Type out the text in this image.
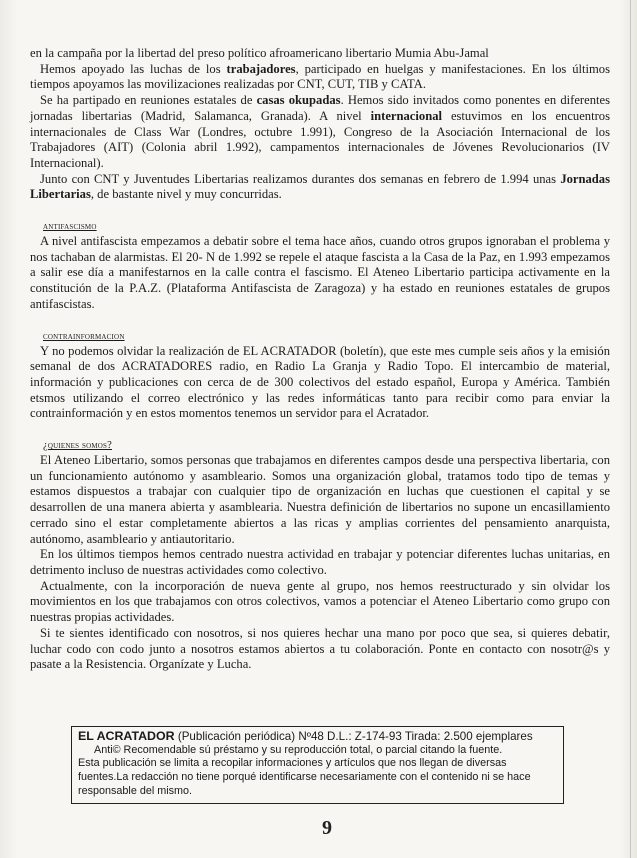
en la campaña por la libertad del preso político afroamericano libertario Mumia Abu-Jamal

Hemos apoyado las luchas de los trabajadores, participado en huelgas y manifestaciones. En los últimos tiempos apoyamos las movilizaciones realizadas por CNT, CUT, TIB y CATA.

Se ha partipado en reuniones estatales de casas okupadas. Hemos sido invitados como ponentes en diferentes jornadas libertarias (Madrid, Salamanca, Granada). A nivel internacional estuvimos en los encuentros internacionales de Class War (Londres, octubre 1.991), Congreso de la Asociación Internacional de los Trabajadores (AIT) (Colonia abril 1.992), campamentos internacionales de Jóvenes Revolucionarios (IV Internacional).

Junto con CNT y Juventudes Libertarias realizamos durantes dos semanas en febrero de 1.994 unas Jornadas Libertarias, de bastante nivel y muy concurridas.

antifascismo

A nivel antifascista empezamos a debatir sobre el tema hace años, cuando otros grupos ignoraban el problema y nos tachaban de alarmistas. El 20- N de 1.992 se repele el ataque fascista a la Casa de la Paz, en 1.993 empezamos a salir ese día a manifestarnos en la calle contra el fascismo. El Ateneo Libertario participa activamente en la constitución de la P.A.Z. (Plataforma Antifascista de Zaragoza) y ha estado en reuniones estatales de grupos antifascistas.

contrainformacion

Y no podemos olvidar la realización de EL ACRATADOR (boletín), que este mes cumple seis años y la emisión semanal de dos ACRATADORES radio, en Radio La Granja y Radio Topo. El intercambio de material, información y publicaciones con cerca de de 300 colectivos del estado español, Europa y América. También etsmos utilizando el correo electrónico y las redes informáticas tanto para recibir como para enviar la contrainformación y en estos momentos tenemos un servidor para el Acratador.

¿quienes somos?

El Ateneo Libertario, somos personas que trabajamos en diferentes campos desde una perspectiva libertaria, con un funcionamiento autónomo y asambleario. Somos una organización global, tratamos todo tipo de temas y estamos dispuestos a trabajar con cualquier tipo de organización en luchas que cuestionen el capital y se desarrollen de una manera abierta y asamblearia. Nuestra definición de libertarios no supone un encasillamiento cerrado sino el estar completamente abiertos a las ricas y amplias corrientes del pensamiento anarquista, autónomo, asambleario y antiautoritario.

En los últimos tiempos hemos centrado nuestra actividad en trabajar y potenciar diferentes luchas unitarias, en detrimento incluso de nuestras actividades como colectivo.

Actualmente, con la incorporación de nueva gente al grupo, nos hemos reestructurado y sin olvidar los movimientos en los que trabajamos con otros colectivos, vamos a potenciar el Ateneo Libertario como grupo con nuestras propias actividades.

Si te sientes identificado con nosotros, si nos quieres hechar una mano por poco que sea, si quieres debatir, luchar codo con codo junto a nosotros estamos abiertos a tu colaboración. Ponte en contacto con nosotr@s y pasate a la Resistencia. Organízate y Lucha.

EL ACRATADOR (Publicación periódica) Nº48 D.L.: Z-174-93 Tirada: 2.500 ejemplares
Anti© Recomendable sú préstamo y su reproducción total, o parcial citando la fuente.
Esta publicación se limita a recopilar informaciones y artículos que nos llegan de diversas fuentes.La redacción no tiene porqué identificarse necesariamente con el contenido ni se hace responsable del mismo.
9
